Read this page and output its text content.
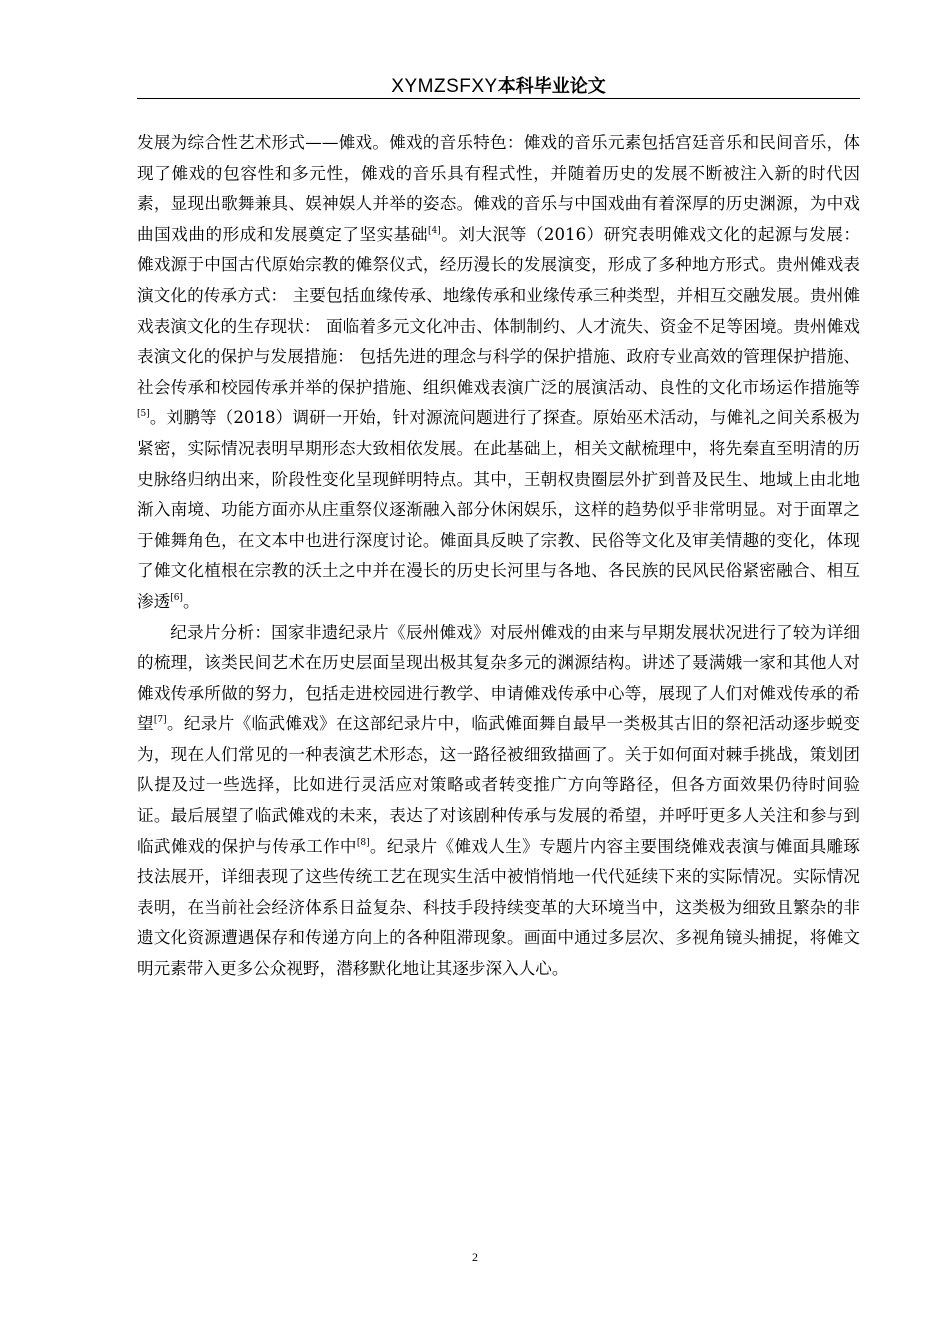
XYMZSFXY本科毕业论文

发展为综合性艺术形式——傩戏。傩戏的音乐特色：傩戏的音乐元素包括宫廷音乐和民间音乐，体现了傩戏的包容性和多元性，傩戏的音乐具有程式性，并随着历史的发展不断被注入新的时代因素，显现出歌舞兼具、娱神娱人并举的姿态。傩戏的音乐与中国戏曲有着深厚的历史渊源，为中戏曲国戏曲的形成和发展奠定了坚实基础[4]。刘大泯等（2016）研究表明傩戏文化的起源与发展： 傩戏源于中国古代原始宗教的傩祭仪式，经历漫长的发展演变，形成了多种地方形式。贵州傩戏表演文化的传承方式： 主要包括血缘传承、地缘传承和业缘传承三种类型，并相互交融发展。贵州傩戏表演文化的生存现状： 面临着多元文化冲击、体制制约、人才流失、资金不足等困境。贵州傩戏表演文化的保护与发展措施： 包括先进的理念与科学的保护措施、政府专业高效的管理保护措施、社会传承和校园传承并举的保护措施、组织傩戏表演广泛的展演活动、良性的文化市场运作措施等[5]。刘鹏等（2018）调研一开始，针对源流问题进行了探查。原始巫术活动，与傩礼之间关系极为紧密，实际情况表明早期形态大致相依发展。在此基础上，相关文献梳理中，将先秦直至明清的历史脉络归纳出来，阶段性变化呈现鲜明特点。其中，王朝权贵圈层外扩到普及民生、地域上由北地渐入南境、功能方面亦从庄重祭仪逐渐融入部分休闲娱乐，这样的趋势似乎非常明显。对于面罩之于傩舞角色，在文本中也进行深度讨论。傩面具反映了宗教、民俗等文化及审美情趣的变化，体现了傩文化植根在宗教的沃土之中并在漫长的历史长河里与各地、各民族的民风民俗紧密融合、相互渗透[6]。

纪录片分析：国家非遗纪录片《辰州傩戏》对辰州傩戏的由来与早期发展状况进行了较为详细的梳理，该类民间艺术在历史层面呈现出极其复杂多元的渊源结构。讲述了聂满娥一家和其他人对傩戏传承所做的努力，包括走进校园进行教学、申请傩戏传承中心等，展现了人们对傩戏传承的希望[7]。纪录片《临武傩戏》在这部纪录片中，临武傩面舞自最早一类极其古旧的祭祀活动逐步蜕变为，现在人们常见的一种表演艺术形态，这一路径被细致描画了。关于如何面对棘手挑战，策划团队提及过一些选择，比如进行灵活应对策略或者转变推广方向等路径，但各方面效果仍待时间验证。最后展望了临武傩戏的未来，表达了对该剧种传承与发展的希望，并呼吁更多人关注和参与到临武傩戏的保护与传承工作中[8]。纪录片《傩戏人生》专题片内容主要围绕傩戏表演与傩面具雕琢技法展开，详细表现了这些传统工艺在现实生活中被悄悄地一代代延续下来的实际情况。实际情况表明，在当前社会经济体系日益复杂、科技手段持续变革的大环境当中，这类极为细致且繁杂的非遗文化资源遭遇保存和传递方向上的各种阻滞现象。画面中通过多层次、多视角镜头捕捉，将傩文明元素带入更多公众视野，潜移默化地让其逐步深入人心。

2
